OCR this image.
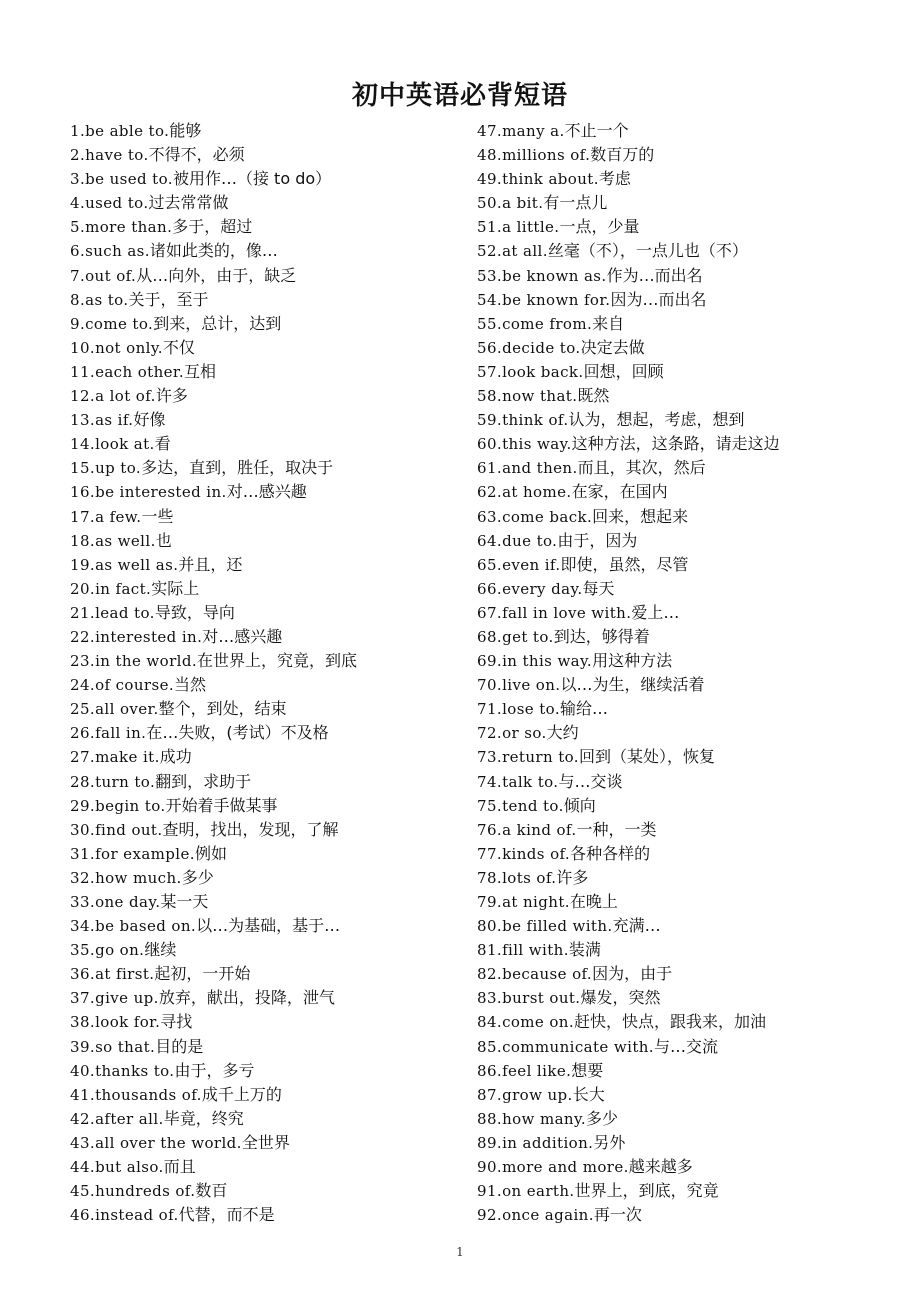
初中英语必背短语
1.be able to.能够
2.have to.不得不，必须
3.be used to.被用作…（接 to do）
4.used to.过去常常做
5.more than.多于，超过
6.such as.诸如此类的，像…
7.out of.从…向外，由于，缺乏
8.as to.关于，至于
9.come to.到来，总计，达到
10.not only.不仅
11.each other.互相
12.a lot of.许多
13.as if.好像
14.look at.看
15.up to.多达，直到，胜任，取决于
16.be interested in.对…感兴趣
17.a few.一些
18.as well.也
19.as well as.并且，还
20.in fact.实际上
21.lead to.导致，导向
22.interested in.对…感兴趣
23.in the world.在世界上，究竟，到底
24.of course.当然
25.all over.整个，到处，结束
26.fall in.在…失败，(考试）不及格
27.make it.成功
28.turn to.翻到，求助于
29.begin to.开始着手做某事
30.find out.查明，找出，发现，了解
31.for example.例如
32.how much.多少
33.one day.某一天
34.be based on.以…为基础，基于…
35.go on.继续
36.at first.起初，一开始
37.give up.放弃，献出，投降，泄气
38.look for.寻找
39.so that.目的是
40.thanks to.由于，多亏
41.thousands of.成千上万的
42.after all.毕竟，终究
43.all over the world.全世界
44.but also.而且
45.hundreds of.数百
46.instead of.代替，而不是
47.many a.不止一个
48.millions of.数百万的
49.think about.考虑
50.a bit.有一点儿
51.a little.一点，少量
52.at all.丝毫（不），一点儿也（不）
53.be known as.作为…而出名
54.be known for.因为…而出名
55.come from.来自
56.decide to.决定去做
57.look back.回想，回顾
58.now that.既然
59.think of.认为，想起，考虑，想到
60.this way.这种方法，这条路，请走这边
61.and then.而且，其次，然后
62.at home.在家，在国内
63.come back.回来，想起来
64.due to.由于，因为
65.even if.即使，虽然，尽管
66.every day.每天
67.fall in love with.爱上…
68.get to.到达，够得着
69.in this way.用这种方法
70.live on.以…为生，继续活着
71.lose to.输给…
72.or so.大约
73.return to.回到（某处），恢复
74.talk to.与…交谈
75.tend to.倾向
76.a kind of.一种，一类
77.kinds of.各种各样的
78.lots of.许多
79.at night.在晚上
80.be filled with.充满…
81.fill with.装满
82.because of.因为，由于
83.burst out.爆发，突然
84.come on.赶快，快点，跟我来，加油
85.communicate with.与…交流
86.feel like.想要
87.grow up.长大
88.how many.多少
89.in addition.另外
90.more and more.越来越多
91.on earth.世界上，到底，究竟
92.once again.再一次
1
